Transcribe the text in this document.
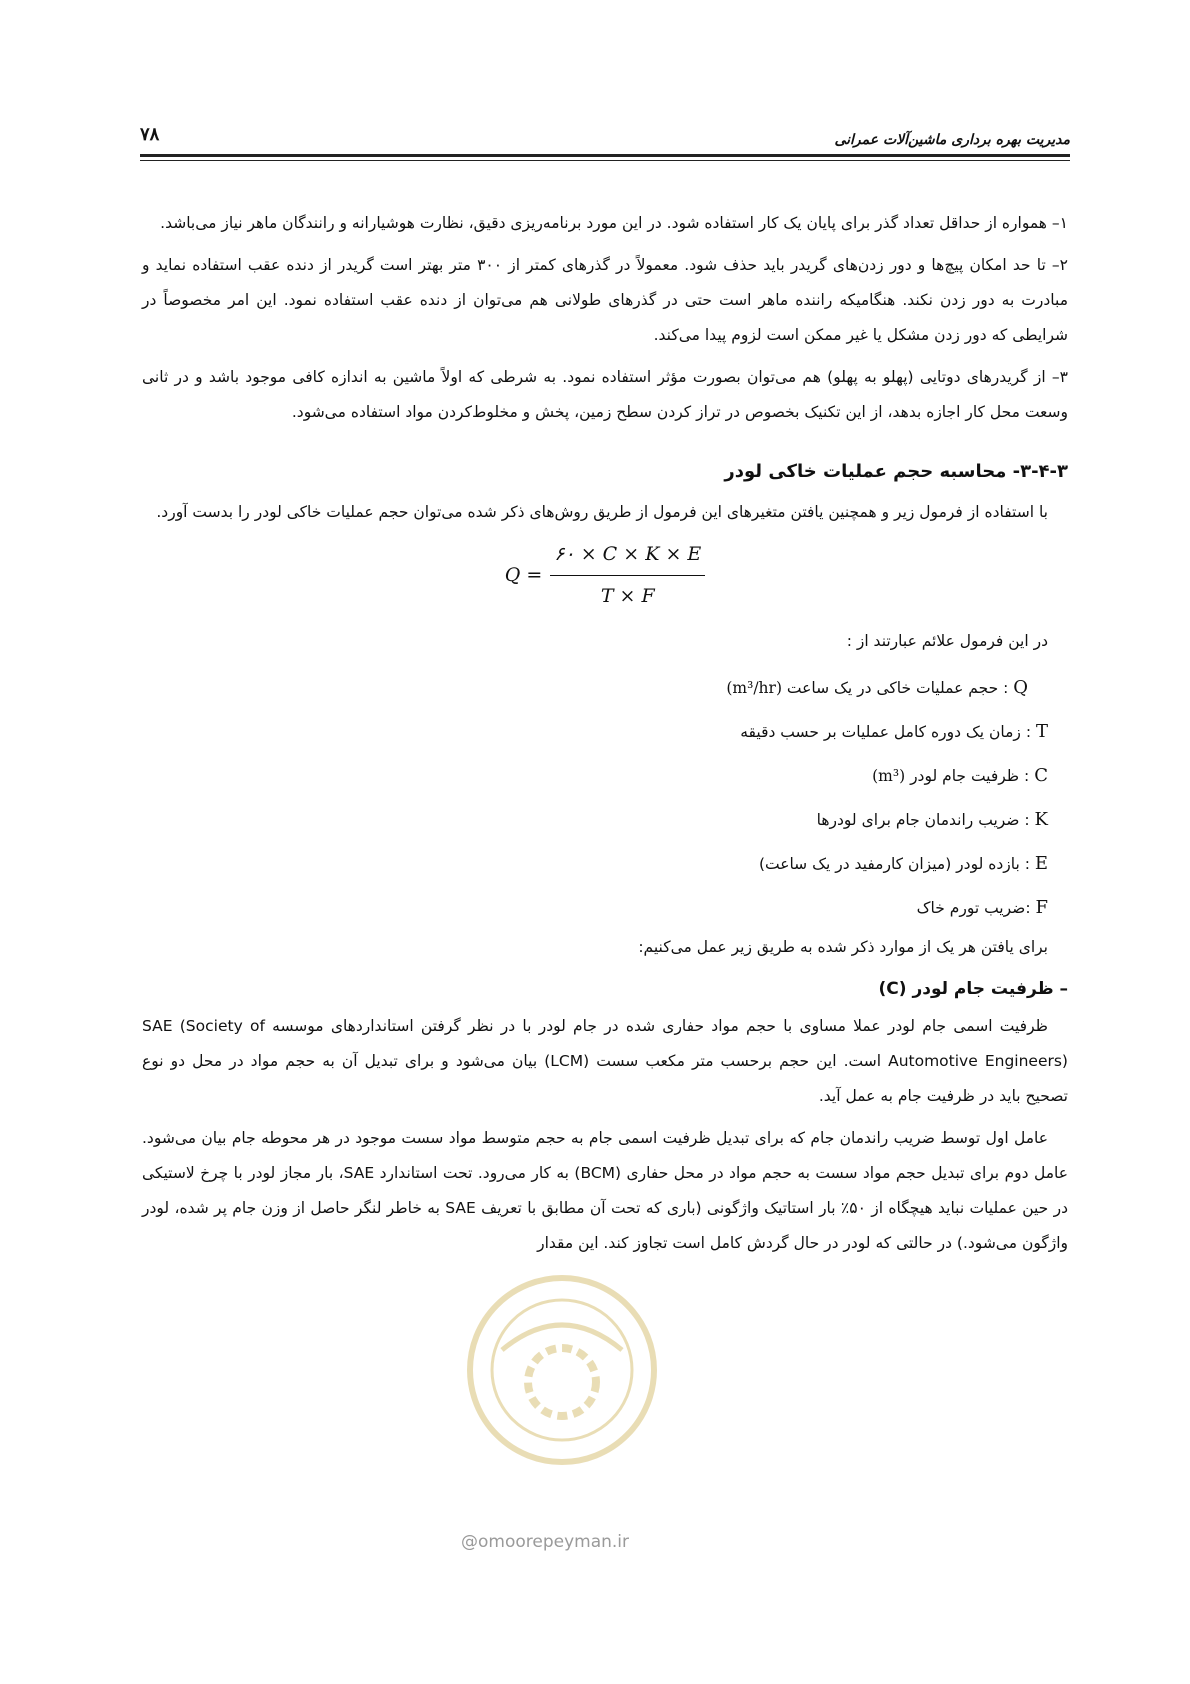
۷۸	مدیریت بهره برداری ماشین‌آلات عمرانی

۱– همواره از حداقل تعداد گذر برای پایان یک کار استفاده شود. در این مورد برنامه‌ریزی دقیق، نظارت هوشیارانه و رانندگان ماهر نیاز می‌باشد.

۲– تا حد امکان پیچ‌ها و دور زدن‌های گریدر باید حذف شود. معمولاً در گذرهای کمتر از ۳۰۰ متر بهتر است گریدر از دنده عقب استفاده نماید و مبادرت به دور زدن نکند. هنگامیکه راننده ماهر است حتی در گذرهای طولانی هم می‌توان از دنده عقب استفاده نمود. این امر مخصوصاً در شرایطی که دور زدن مشکل یا غیر ممکن است لزوم پیدا می‌کند.

۳– از گریدرهای دوتایی (پهلو به پهلو) هم می‌توان بصورت مؤثر استفاده نمود. به شرطی که اولاً ماشین به اندازه کافی موجود باشد و در ثانی وسعت محل کار اجازه بدهد، از این تکنیک بخصوص در تراز کردن سطح زمین، پخش و مخلوط‌کردن مواد استفاده می‌شود.

۳-۴-۳- محاسبه حجم عملیات خاکی لودر

با استفاده از فرمول زیر و همچنین یافتن متغیرهای این فرمول از طریق روش‌های ذکر شده می‌توان حجم عملیات خاکی لودر را بدست آورد.

$Q = \frac{۶۰ \times C \times K \times E}{T \times F}$

در این فرمول علائم عبارتند از :

Q : حجم عملیات خاکی در یک ساعت (m³/hr)
T : زمان یک دوره کامل عملیات بر حسب دقیقه
C : ظرفیت جام لودر (m³)
K : ضریب راندمان جام برای لودرها
E : بازده لودر (میزان کارمفید در یک ساعت)
F :ضریب تورم خاک

برای یافتن هر یک از موارد ذکر شده به طریق زیر عمل می‌کنیم:

– ظرفیت جام لودر (C)

ظرفیت اسمی جام لودر عملا مساوی با حجم مواد حفاری شده در جام لودر با در نظر گرفتن استانداردهای موسسه SAE (Society of Automotive Engineers) است. این حجم برحسب متر مکعب سست (LCM) بیان می‌شود و برای تبدیل آن به حجم مواد در محل دو نوع تصحیح باید در ظرفیت جام به عمل آید.

عامل اول توسط ضریب راندمان جام که برای تبدیل ظرفیت اسمی جام به حجم متوسط مواد سست موجود در هر محوطه جام بیان می‌شود. عامل دوم برای تبدیل حجم مواد سست به حجم مواد در محل حفاری (BCM) به کار می‌رود. تحت استاندارد SAE، بار مجاز لودر با چرخ لاستیکی در حین عملیات نباید هیچگاه از ۵۰٪ بار استاتیک واژگونی (باری که تحت آن مطابق با تعریف SAE به خاطر لنگر حاصل از وزن جام پر شده، لودر واژگون می‌شود.) در حالتی که لودر در حال گردش کامل است تجاوز کند. این مقدار

@omoorepeyman.ir
